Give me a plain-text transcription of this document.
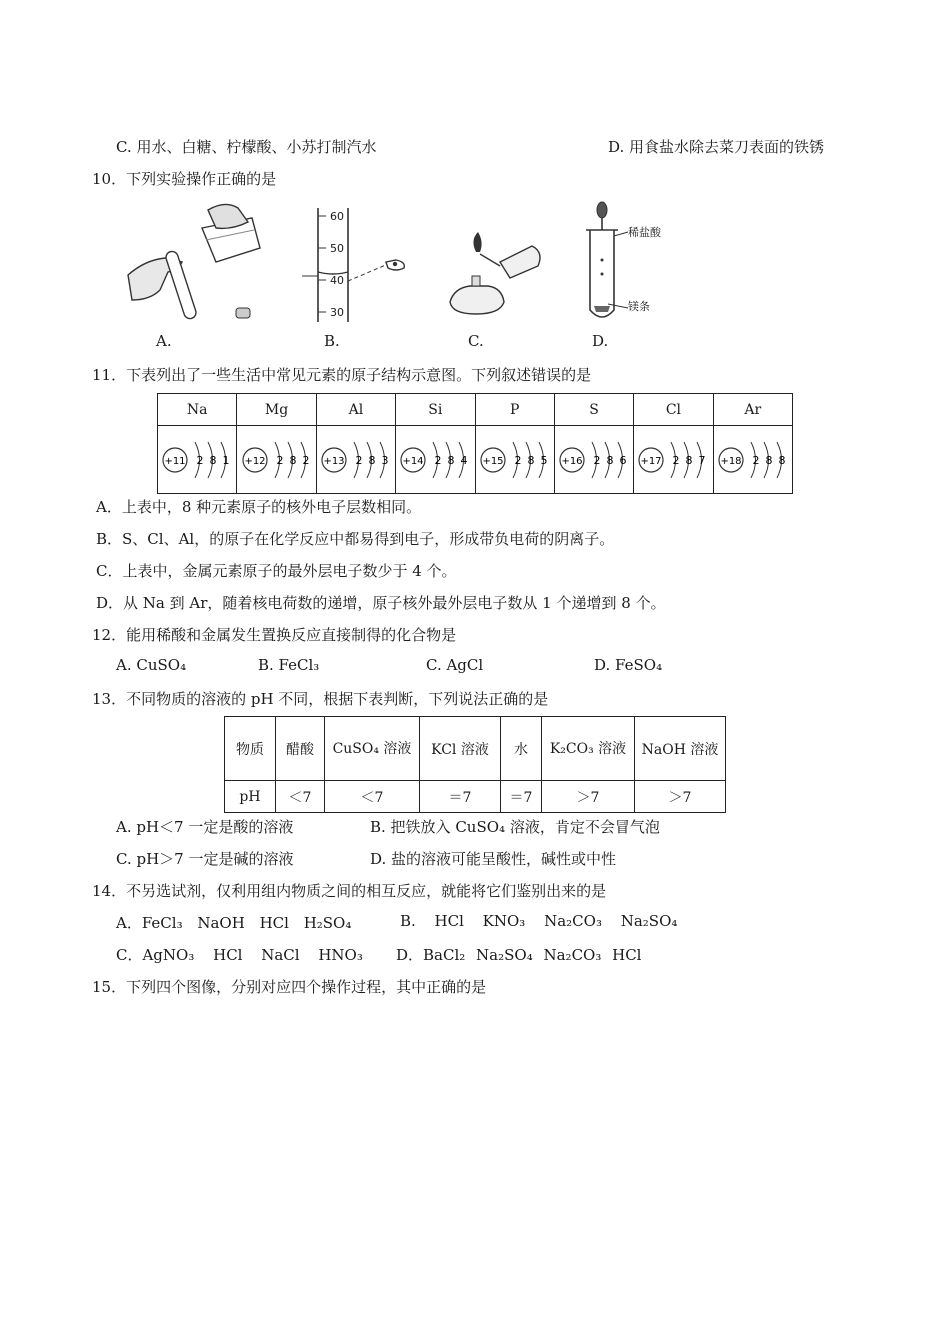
C. 用水、白糖、柠檬酸、小苏打制汽水	D. 用食盐水除去菜刀表面的铁锈
10．下列实验操作正确的是
A.
60
50
40
30
B.	C.
稀盐酸
镁条
D.
11．下表列出了一些生活中常见元素的原子结构示意图。下列叙述错误的是
Na	Mg	Al	Si	P	S	Cl	Ar

+11 2 8 1	+12 2 8 2	+13 2 8 3	+14 2 8 4	+15 2 8 5	+16 2 8 6	+17 2 8 7	+18 2 8 8
A．上表中，8 种元素原子的核外电子层数相同。
B．S、Cl、Al，的原子在化学反应中都易得到电子，形成带负电荷的阴离子。
C．上表中，金属元素原子的最外层电子数少于 4 个。
D．从 Na 到 Ar，随着核电荷数的递增，原子核外最外层电子数从 1 个递增到 8 个。
12．能用稀酸和金属发生置换反应直接制得的化合物是
A. CuSO₄	B. FeCl₃	C. AgCl	D. FeSO₄
13．不同物质的溶液的 pH 不同，根据下表判断，下列说法正确的是
物质	醋酸	CuSO₄ 溶液	KCl 溶液	水	K₂CO₃ 溶液	NaOH 溶液
pH	＜7	＜7	＝7	＝7	＞7	＞7
A. pH＜7 一定是酸的溶液	B. 把铁放入 CuSO₄ 溶液，肯定不会冒气泡
C. pH＞7 一定是碱的溶液	D. 盐的溶液可能呈酸性，碱性或中性
14．不另选试剂，仅利用组内物质之间的相互反应，就能将它们鉴别出来的是
A．FeCl₃ NaOH HCl H₂SO₄	B. HCl KNO₃ Na₂CO₃ Na₂SO₄
C．AgNO₃ HCl NaCl HNO₃ D．BaCl₂ Na₂SO₄ Na₂CO₃ HCl
15．下列四个图像，分别对应四个操作过程，其中正确的是
